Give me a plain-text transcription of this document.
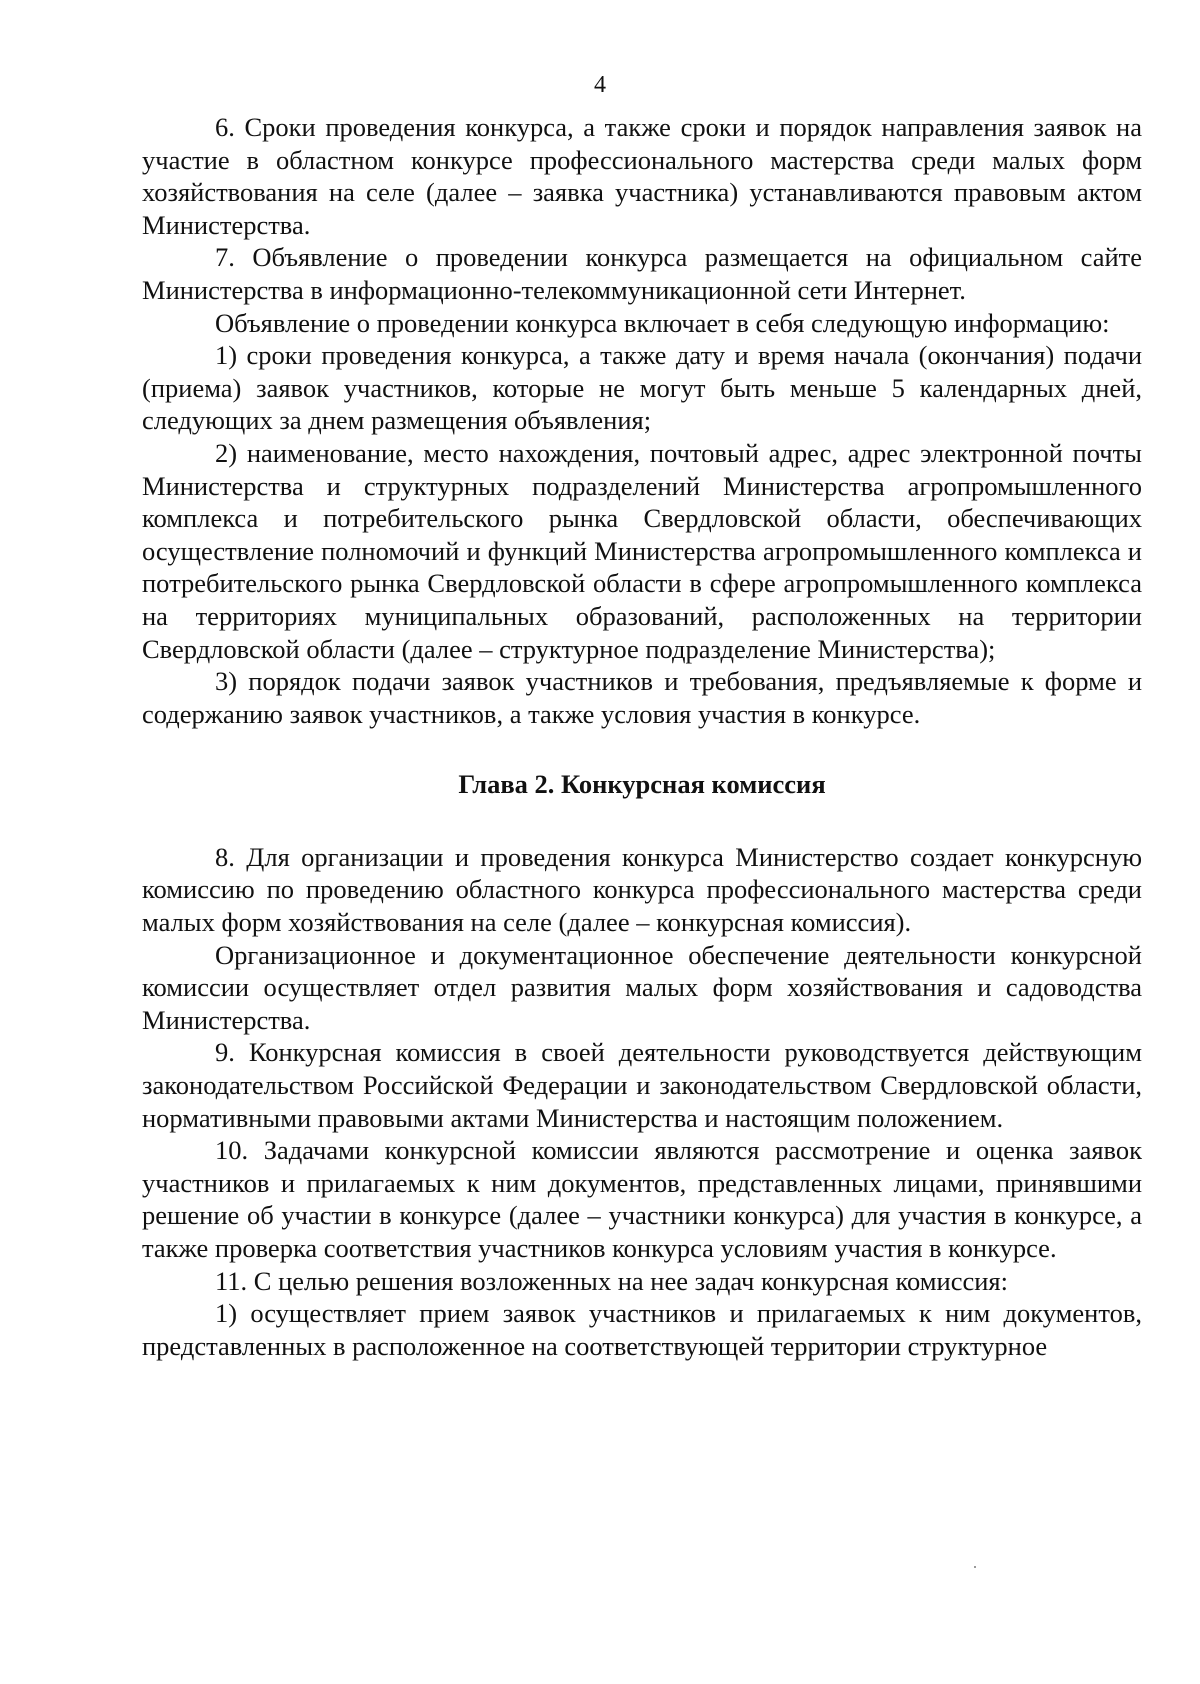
4

6. Сроки проведения конкурса, а также сроки и порядок направления заявок на участие в областном конкурсе профессионального мастерства среди малых форм хозяйствования на селе (далее – заявка участника) устанавливаются правовым актом Министерства.

7. Объявление о проведении конкурса размещается на официальном сайте Министерства в информационно-телекоммуникационной сети Интернет.

Объявление о проведении конкурса включает в себя следующую информацию:

1) сроки проведения конкурса, а также дату и время начала (окончания) подачи (приема) заявок участников, которые не могут быть меньше 5 календарных дней, следующих за днем размещения объявления;

2) наименование, место нахождения, почтовый адрес, адрес электронной почты Министерства и структурных подразделений Министерства агропромышленного комплекса и потребительского рынка Свердловской области, обеспечивающих осуществление полномочий и функций Министерства агропромышленного комплекса и потребительского рынка Свердловской области в сфере агропромышленного комплекса на территориях муниципальных образований, расположенных на территории Свердловской области (далее – структурное подразделение Министерства);

3) порядок подачи заявок участников и требования, предъявляемые к форме и содержанию заявок участников, а также условия участия в конкурсе.

Глава 2. Конкурсная комиссия

8. Для организации и проведения конкурса Министерство создает конкурсную комиссию по проведению областного конкурса профессионального мастерства среди малых форм хозяйствования на селе (далее – конкурсная комиссия).

Организационное и документационное обеспечение деятельности конкурсной комиссии осуществляет отдел развития малых форм хозяйствования и садоводства Министерства.

9. Конкурсная комиссия в своей деятельности руководствуется действующим законодательством Российской Федерации и законодательством Свердловской области, нормативными правовыми актами Министерства и настоящим положением.

10. Задачами конкурсной комиссии являются рассмотрение и оценка заявок участников и прилагаемых к ним документов, представленных лицами, принявшими решение об участии в конкурсе (далее – участники конкурса) для участия в конкурсе, а также проверка соответствия участников конкурса условиям участия в конкурсе.

11. С целью решения возложенных на нее задач конкурсная комиссия:

1) осуществляет прием заявок участников и прилагаемых к ним документов, представленных в расположенное на соответствующей территории структурное
